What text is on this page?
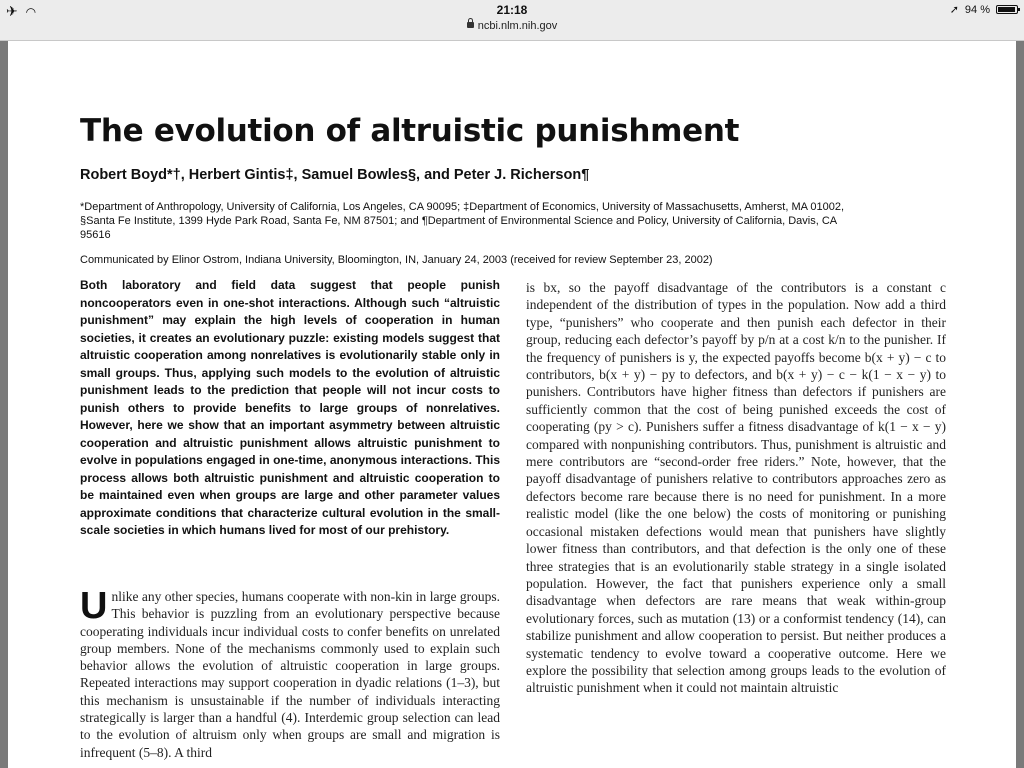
✈ ◠	21:18
ncbi.nlm.nih.gov
➚ 94 %
The evolution of altruistic punishment
Robert Boyd*†, Herbert Gintis‡, Samuel Bowles§, and Peter J. Richerson¶
*Department of Anthropology, University of California, Los Angeles, CA 90095; ‡Department of Economics, University of Massachusetts, Amherst, MA 01002, §Santa Fe Institute, 1399 Hyde Park Road, Santa Fe, NM 87501; and ¶Department of Environmental Science and Policy, University of California, Davis, CA 95616
Communicated by Elinor Ostrom, Indiana University, Bloomington, IN, January 24, 2003 (received for review September 23, 2002)
Both laboratory and field data suggest that people punish noncooperators even in one-shot interactions. Although such “altruistic punishment” may explain the high levels of cooperation in human societies, it creates an evolutionary puzzle: existing models suggest that altruistic cooperation among nonrelatives is evolutionarily stable only in small groups. Thus, applying such models to the evolution of altruistic punishment leads to the prediction that people will not incur costs to punish others to provide benefits to large groups of nonrelatives. However, here we show that an important asymmetry between altruistic cooperation and altruistic punishment allows altruistic punishment to evolve in populations engaged in one-time, anonymous interactions. This process allows both altruistic punishment and altruistic cooperation to be maintained even when groups are large and other parameter values approximate conditions that characterize cultural evolution in the small-scale societies in which humans lived for most of our prehistory.
U nlike any other species, humans cooperate with non-kin in large groups. This behavior is puzzling from an evolutionary perspective because cooperating individuals incur individual costs to confer benefits on unrelated group members. None of the mechanisms commonly used to explain such behavior allows the evolution of altruistic cooperation in large groups. Repeated interactions may support cooperation in dyadic relations (1–3), but this mechanism is unsustainable if the number of individuals interacting strategically is larger than a handful (4). Interdemic group selection can lead to the evolution of altruism only when groups are small and migration is infrequent (5–8). A third

is bx, so the payoff disadvantage of the contributors is a constant c independent of the distribution of types in the population. Now add a third type, “punishers” who cooperate and then punish each defector in their group, reducing each defector’s payoff by p/n at a cost k/n to the punisher. If the frequency of punishers is y, the expected payoffs become b(x + y) − c to contributors, b(x + y) − py to defectors, and b(x + y) − c − k(1 − x − y) to punishers. Contributors have higher fitness than defectors if punishers are sufficiently common that the cost of being punished exceeds the cost of cooperating (py > c). Punishers suffer a fitness disadvantage of k(1 − x − y) compared with nonpunishing contributors. Thus, punishment is altruistic and mere contributors are “second-order free riders.” Note, however, that the payoff disadvantage of punishers relative to contributors approaches zero as defectors become rare because there is no need for punishment. In a more realistic model (like the one below) the costs of monitoring or punishing occasional mistaken defections would mean that punishers have slightly lower fitness than contributors, and that defection is the only one of these three strategies that is an evolutionarily stable strategy in a single isolated population. However, the fact that punishers experience only a small disadvantage when defectors are rare means that weak within-group evolutionary forces, such as mutation (13) or a conformist tendency (14), can stabilize punishment and allow cooperation to persist. But neither produces a systematic tendency to evolve toward a cooperative outcome. Here we explore the possibility that selection among groups leads to the evolution of altruistic punishment when it could not maintain altruistic
